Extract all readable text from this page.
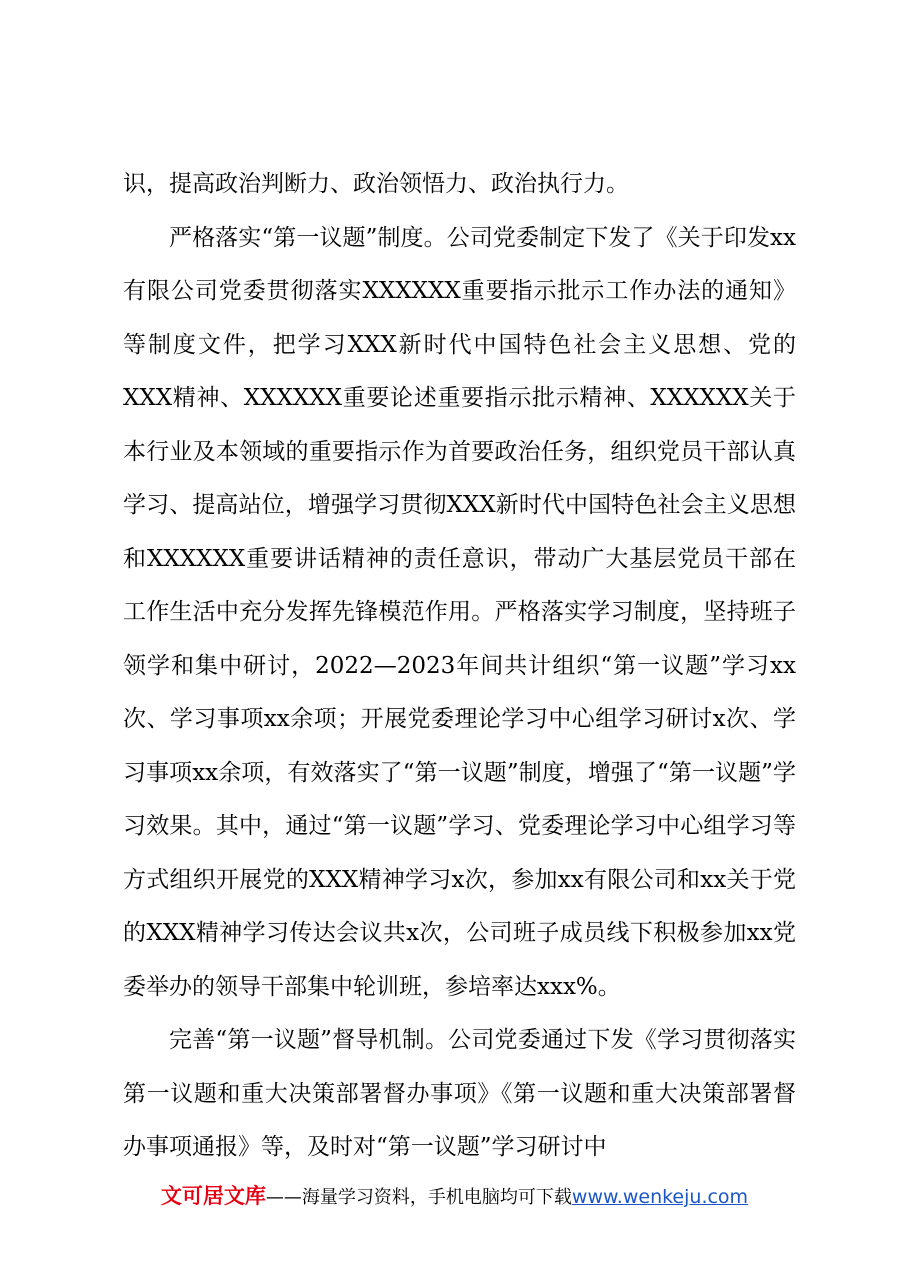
识，提高政治判断力、政治领悟力、政治执行力。

严格落实“第一议题”制度。公司党委制定下发了《关于印发xx有限公司党委贯彻落实XXXXXX重要指示批示工作办法的通知》等制度文件，把学习XXX新时代中国特色社会主义思想、党的XXX精神、XXXXXX重要论述重要指示批示精神、XXXXXX关于本行业及本领域的重要指示作为首要政治任务，组织党员干部认真学习、提高站位，增强学习贯彻XXX新时代中国特色社会主义思想和XXXXXX重要讲话精神的责任意识，带动广大基层党员干部在工作生活中充分发挥先锋模范作用。严格落实学习制度，坚持班子领学和集中研讨，2022—2023年间共计组织“第一议题”学习xx次、学习事项xx余项；开展党委理论学习中心组学习研讨x次、学习事项xx余项，有效落实了“第一议题”制度，增强了“第一议题”学习效果。其中，通过“第一议题”学习、党委理论学习中心组学习等方式组织开展党的XXX精神学习x次，参加xx有限公司和xx关于党的XXX精神学习传达会议共x次，公司班子成员线下积极参加xx党委举办的领导干部集中轮训班，参培率达xxx%。

完善“第一议题”督导机制。公司党委通过下发《学习贯彻落实第一议题和重大决策部署督办事项》《第一议题和重大决策部署督办事项通报》等，及时对“第一议题”学习研讨中

文可居文库——海量学习资料，手机电脑均可下载www.wenkeju.com
